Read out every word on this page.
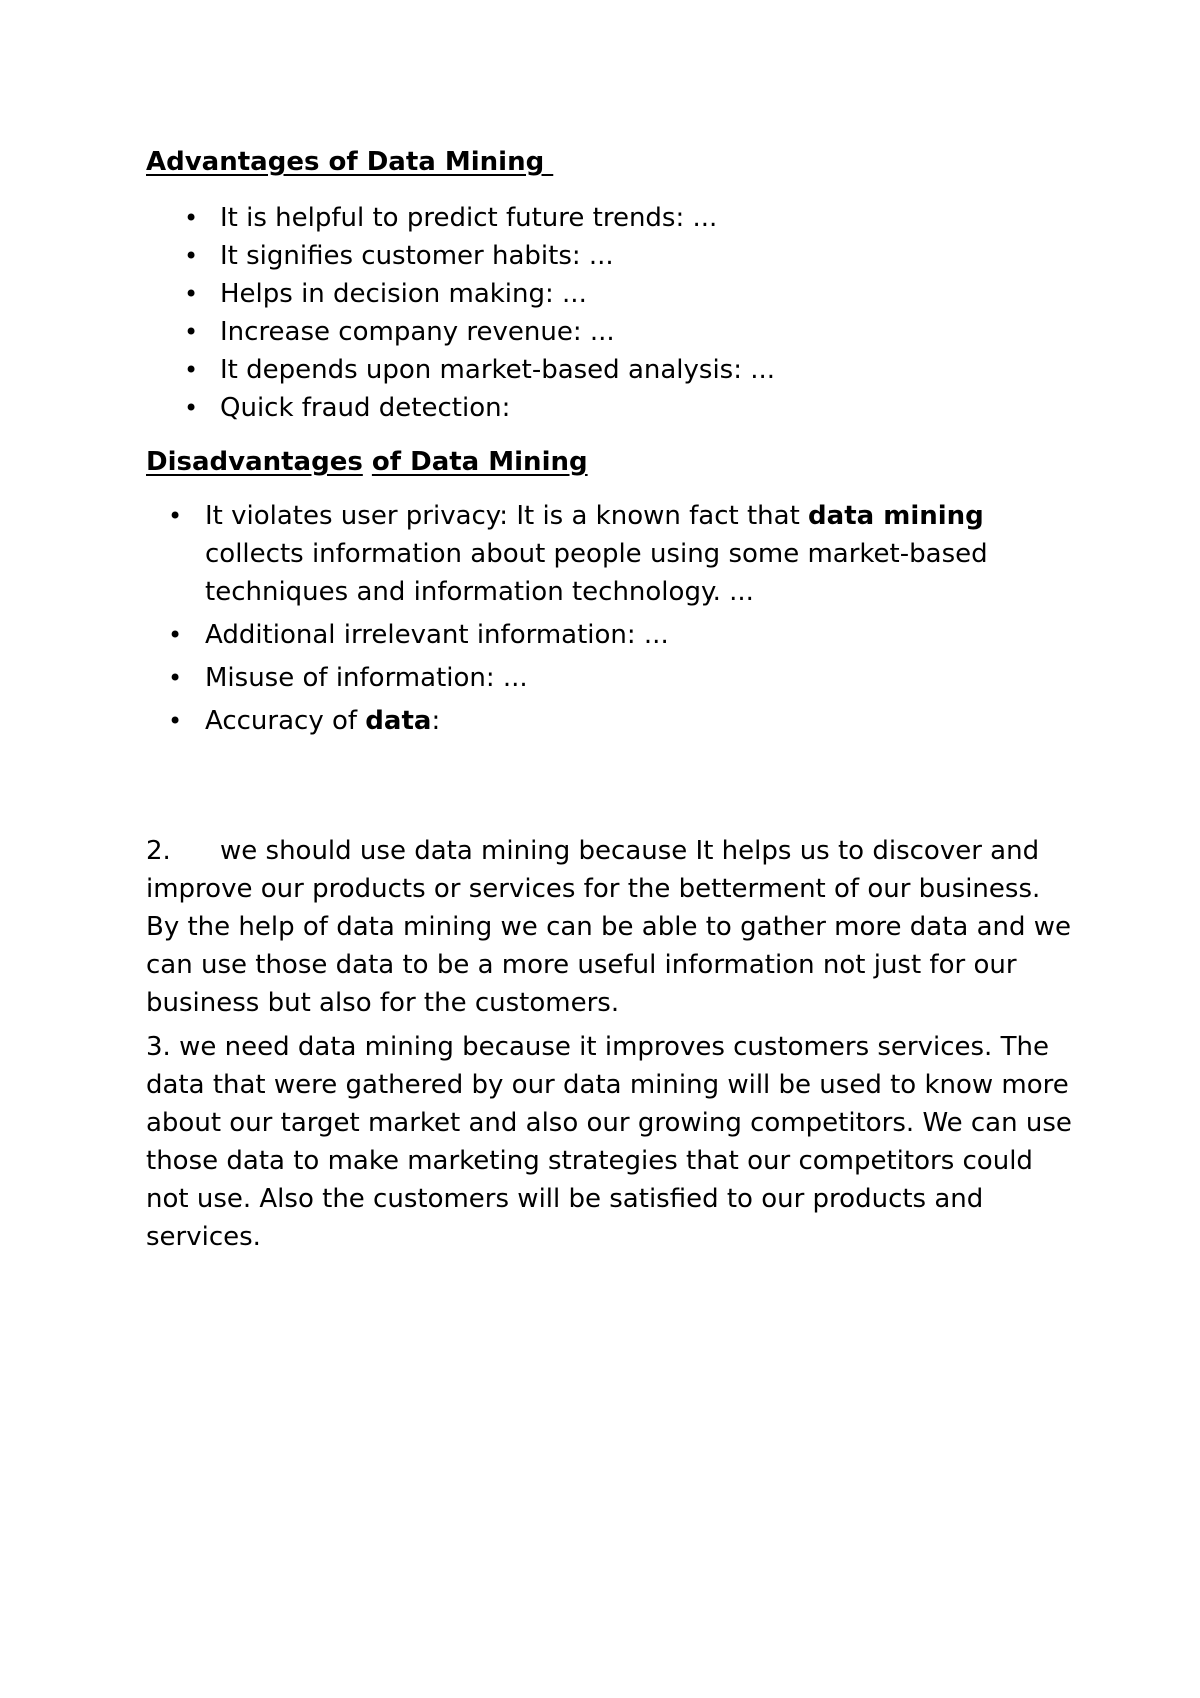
Advantages of Data Mining
• It is helpful to predict future trends: ...
• It signifies customer habits: ...
• Helps in decision making: ...
• Increase company revenue: ...
• It depends upon market-based analysis: ...
• Quick fraud detection:
Disadvantages of Data Mining
• It violates user privacy: It is a known fact that data mining collects information about people using some market-based techniques and information technology. ...
• Additional irrelevant information: ...
• Misuse of information: ...
• Accuracy of data:

2. we should use data mining because It helps us to discover and improve our products or services for the betterment of our business. By the help of data mining we can be able to gather more data and we can use those data to be a more useful information not just for our business but also for the customers.

3. we need data mining because it improves customers services. The data that were gathered by our data mining will be used to know more about our target market and also our growing competitors. We can use those data to make marketing strategies that our competitors could not use. Also the customers will be satisfied to our products and services.
